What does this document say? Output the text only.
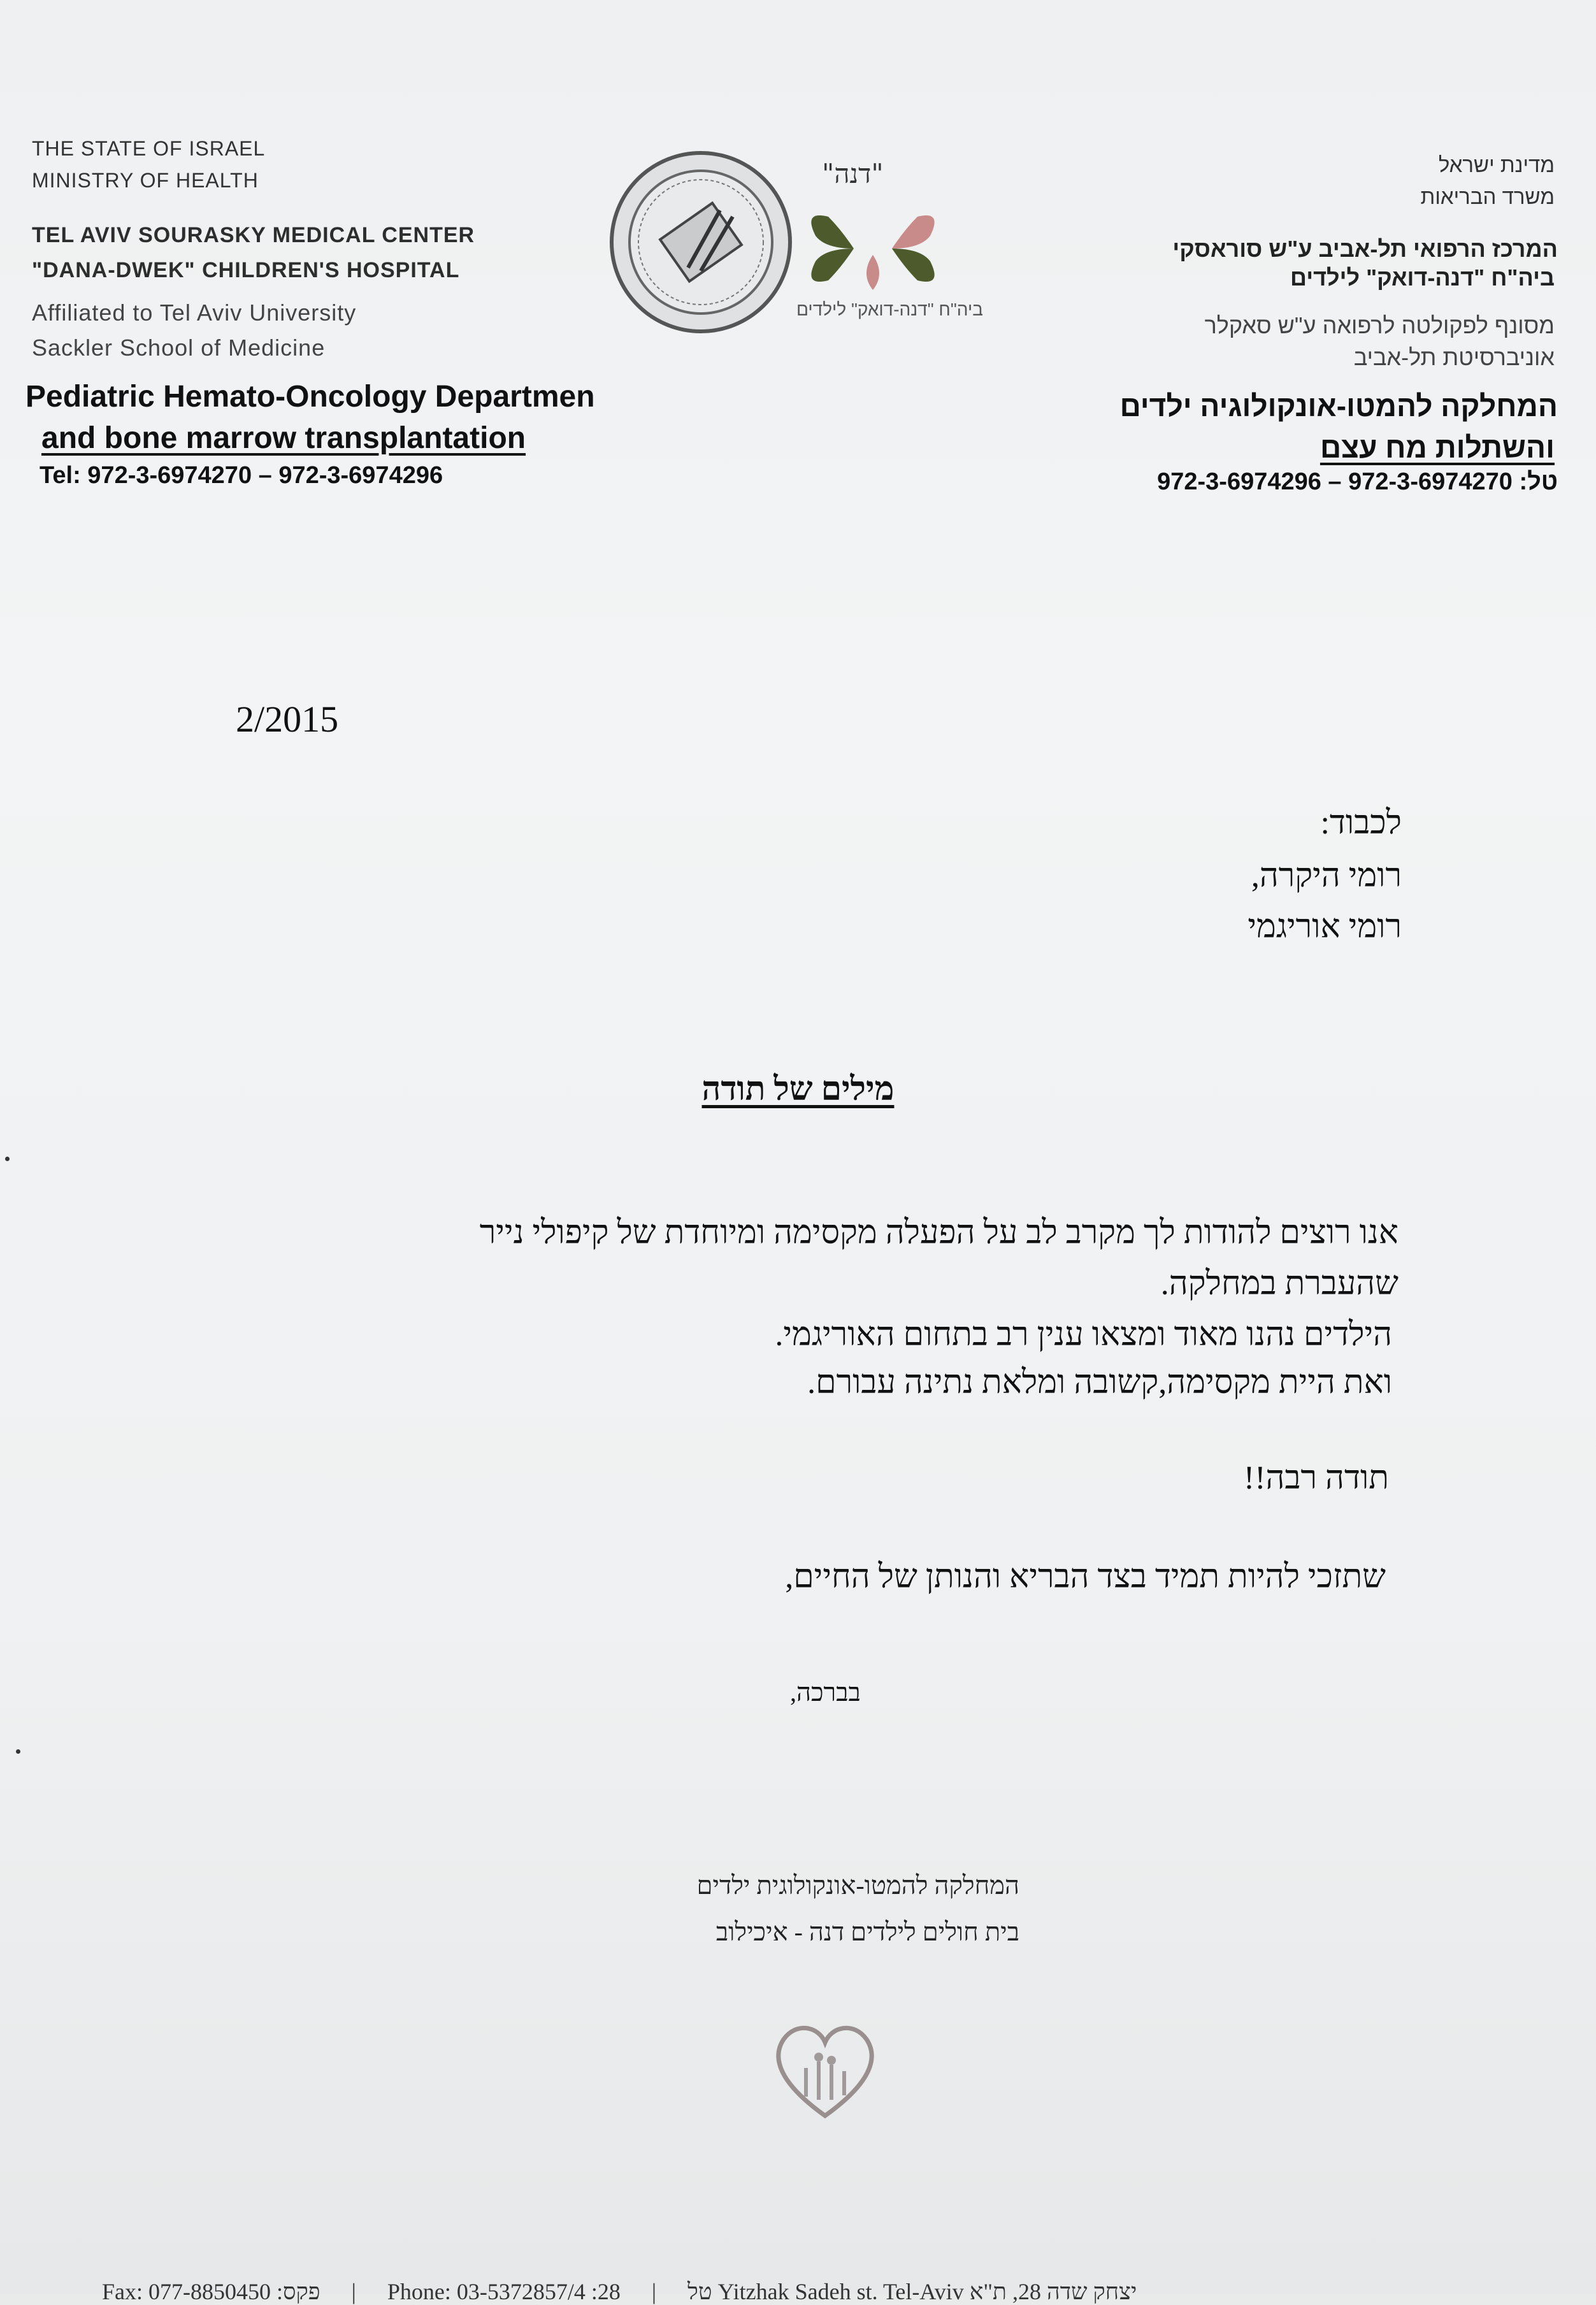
THE STATE OF ISRAEL
MINISTRY OF HEALTH
TEL AVIV SOURASKY MEDICAL CENTER
"DANA-DWEK" CHILDREN'S HOSPITAL
Affiliated to Tel Aviv University
Sackler School of Medicine
Pediatric Hemato-Oncology Departmen
and bone marrow transplantation
Tel: 972-3-6974270 – 972-3-6974296
מדינת ישראל
משרד הבריאות
המרכז הרפואי תל-אביב ע"ש סוראסקי
ביה"ח "דנה-דואק" לילדים
מסונף לפקולטה לרפואה ע"ש סאקלר
אוניברסיטת תל-אביב
המחלקה להמטו-אונקולוגיה ילדים
והשתלות מח עצם
טל: 972-3-6974270 – 972-3-6974296
"דנה"
ביה"ח "דנה-דואק" לילדים
2/2015
לכבוד:
רומי היקרה,
רומי אוריגמי
מילים של תודה
אנו רוצים להודות לך מקרב לב על הפעלה מקסימה ומיוחדת של קיפולי נייר
שהעברת במחלקה.
הילדים נהנו מאוד ומצאו ענין רב בתחום האוריגמי.
ואת היית מקסימה,קשובה ומלאת נתינה עבורם.
תודה רבה!!
שתזכי להיות תמיד בצד הבריא והנותן של החיים,
בברכה,
המחלקה להמטו-אונקולוגית ילדים
בית חולים לילדים דנה - איכילוב
Fax: 077-8850450 :פקס | Phone: 03-5372857/4 :טל | 28 Yitzhak Sadeh st. Tel-Aviv יצחק שדה 28, ת"א
